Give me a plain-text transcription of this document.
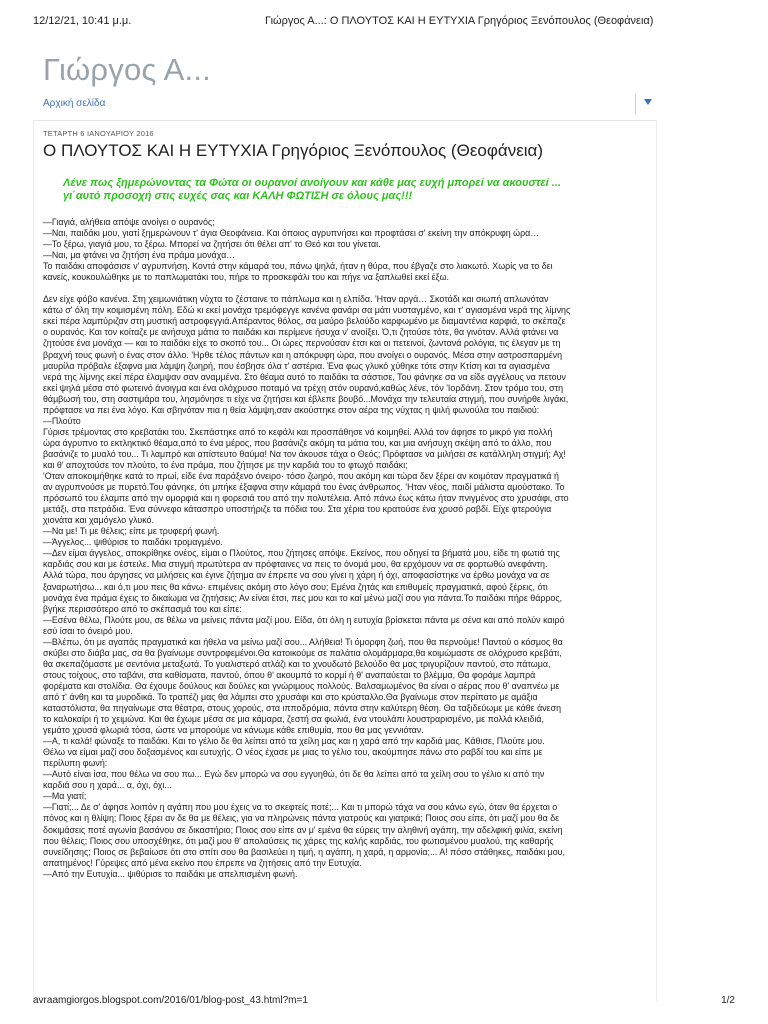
12/12/21, 10:41 μ.μ.	Γιώργος Α...: Ο ΠΛΟΥΤΟΣ ΚΑΙ Η ΕΥΤΥΧΙΑ Γρηγόριος Ξενόπουλος (Θεοφάνεια)
Γιώργος Α...
Αρχική σελίδα
ΤΕΤΑΡΤΗ 6 ΙΑΝΟΥΑΡΙΟΥ 2016
Ο ΠΛΟΥΤΟΣ ΚΑΙ Η ΕΥΤΥΧΙΑ Γρηγόριος Ξενόπουλος (Θεοφάνεια)
Λένε πως ξημερώνοντας τα Φώτα οι ουρανοί ανοίγουν και κάθε μας ευχή μπορεί να ακουστεί ...
γι΄αυτό προσοχή στις ευχές σας και ΚΑΛΗ ΦΩΤΙΣΗ σε όλους μας!!!

—Γιαγιά, αλήθεια απόψε ανοίγει ο ουρανός;

—Ναι, παιδάκι μου, γιατί ξημερώνουν τ' άγια Θεοφάνεια. Και όποιος αγρυπνήσει και προφτάσει σ' εκείνη την απόκρυφη ώρα…

—Το ξέρω, γιαγιά μου, το ξέρω. Μπορεί να ζητήσει ότι θέλει απ' το Θεό και του γίνεται.

—Ναι, μα φτάνει να ζητήση ένα πράμα μονάχα…

Το παιδάκι αποφάσισε ν' αγρυπνήση. Κοντά στην κάμαρά του, πάνω ψηλά, ήταν η θύρα, που έβγαζε στο λιακωτό. Χωρίς να το δει

κανείς, κουκουλώθηκε με το παπλωματάκι του, πήρε το προσκεφάλι του και πήγε να ξαπλωθεί εκεί έξω.

Δεν είχε φόβο κανένα. Στη χειμωνιάτικη νύχτα το ζέσταινε το πάπλωμα και η ελπίδα. 'Ηταν αργά… Σκοτάδι και σιωπή απλωνόταν

κάτω σ' όλη την κοιμισμένη πόλη. Εδώ κι εκεί μονάχα τρεμόφεγγε κανένα φανάρι σα μάτι νυσταγμένο, και τ' αγιασμένα νερά της λίμνης

εκεί πέρα λαμπύριζαν στη μυστική αστροφεγγιά.Απέραντος θόλος, σα μαύρο βελούδο καρφωμένο με διαμαντένια καρφιά, το σκέπαζε

ο ουρανός. Και τον κοίταζε με ανήσυχα μάτια το παιδάκι και περίμενε ήσυχα ν' ανοίξει. Ό,τι ζητούσε τότε, θα γινόταν. Αλλά φτάνει να

ζητούσε ένα μονάχα — και το παιδάκι είχε το σκοπό του... Οι ώρες περνούσαν έτσι και οι πετεινοί, ζωντανά ρολόγια, τις έλεγαν με τη

βραχνή τους φωνή ο ένας στον άλλο. 'Ηρθε τέλος πάντων και η απόκρυφη ώρα, που ανοίγει ο ουρανός. Μέσα στην αστροσπαρμένη

μαυρίλα πρόβαλε έξαφνα μια λάμψη ζωηρή, που έσβησε όλα τ' αστέρια. Ένα φως γλυκό χύθηκε τότε στην Κτίση και τα αγιασμένα

νερά της λίμνης εκεί πέρα έλαμψαν σαν αναμμένα. Στο θέαμα αυτό το παιδάκι τα σάστισε, Του φάνηκε σα να είδε αγγέλους να πετουν

εκεί ψηλά μέσα στό φωτεινό άνοιγμα και ένα ολόχρυσο ποταμό να τρέχη στόν ουρανό,καθώς λένε, τόν 'Ιορδάνη. Στον τρόμο του, στη

θάμβωσή του, στη σαστιμάρα του, λησμόνησε τι είχε να ζητήσει και έβλεπε βουβό...Μονάχα την τελευταία στιγμή, που συνήρθε λιγάκι,

πρόφτασε να πει ένα λόγο. Και σβηνόταν πια η θεία λάμψη,σαν ακούστηκε στον αέρα της νύχτας η ψιλή φωνούλα του παιδιού:

—Πλούτο

Γύρισε τρέμοντας στο κρεβατάκι του. Σκεπάστηκε από το κεφάλι και προσπάθησε νά κοιμηθεί. Αλλά τον άφησε το μικρό για πολλή

ώρα άγρυπνο το εκτληκτικό θέαμα,από το ένα μέρος, που βασάνιζε ακόμη τα μάτια του, και μια ανήσυχη σκέψη από το άλλο, που

βασάνιζε το μυαλό του... Τι λαμπρό και απίστευτο θαύμα! Να τον άκουσε τάχα ο Θεός; Πρόφτασε να μιλήσει σε κατάλληλη στιγμή; Αχ!

και θ' αποχτούσε τον πλούτο, το ένα πράμα, που ζήτησε με την καρδιά του το φτωχό παιδάκι;

'Οταν αποκοιμήθηκε κατά το πρωί, είδε ένα παράξενο όνειρο· τόσο ζωηρό, που ακόμη και τώρα δεν ξέρει αν κοιμόταν πραγματικά ή

αν αγρυπνούσε με πυρετό.Του φάνηκε, ότι μπήκε έξαφνα στην κάμαρά του ένας άνθρωπος. 'Ηταν νέος, παιδί μάλιστα αμούστακο. Το

πρόσωπό του έλαμπε από την ομορφιά και η φορεσιά του από την πολυτέλεια. Από πάνω έως κάτω ήταν πνιγμένος στο χρυσάφι, στο

μετάξι, στα πετράδια. Ένα σύννεφο κάτασπρο υποστήριζε τα πόδια του. Στα χέρια του κρατούσε ένα χρυσό ραβδί. Είχε φτερούγια

χιονάτα και χαμόγελο γλυκό.

—Να με! Τι με θέλεις; είπε με τρυφερή φωνή.

—Άγγελος... ψιθύρισε το παιδάκι τρομαγμένο.

—Δεν είμαι άγγελος, αποκρίθηκε ονέος, είμαι ο Πλούτος, που ζήτησες απόψε. Εκείνος, που οδηγεί τα βήματά μου, είδε τη φωτιά της

καρδιάς σου και με έστειλε. Μια στιγμή πρωτύτερα αν πρόφταινες να πεις το όνομά μου, θα ερχόμουν να σε φορτωθώ ανεφάντη.

Αλλά τώρα, που άργησες να μιλήσεις και έγινε ζήτημα αν έπρεπε να σου γίνει η χάρη ή όχι, αποφασίστηκε να έρθω μονάχα να σε

ξαναρωτήσω... και ό,τι μου πεις θα κάνω· επιμένεις ακόμη στο λόγο σου; Εμένα ζητάς και επιθυμείς πραγματικά, αφού ξέρεις, ότι

μονάχα ένα πράμα έχεις το δικαίωμα να ζητήσεις; Αν είναι έτσι, πες μου και το καί μένω μαζί σου για πάντα.Το παιδάκι πήρε θάρρος,

βγήκε περισσότερο από το σκέπασμά του και είπε:

—Εσένα θέλω, Πλούτε μου, σε θέλω να μείνεις πάντα μαζί μου. Είδα, ότι όλη η ευτυχία βρίσκεται πάντα με σένα και από πολύν καιρό

εσύ ίσαι το όνειρό μου.

—Βλέπω, ότι με αγαπάς πραγματικά και ήθελα να μείνω μαζί σου... Αλήθεια! Τι όμορφη ζωή, που θα περνούμε! Παντού ο κόσμος θα

σκύβει στο διάβα μας, σα θα βγαίνωμε συντροφεμένοι.Θα κατοικούμε σε παλάτια ολομάρμαρα,θα κοιμώμαστε σε ολόχρυσο κρεβάτι,

θα σκεπαζόμαστε με σεντόνια μεταξωτά. Το γυαλιστερό ατλάζι και το χνουδωτό βελούδο θα μας τριγυρίζουν παντού, στο πάτωμα,

στους τοίχους, στο ταβάνι, στα καθίσματα, παντού, όπου θ' ακουμπά το κορμί ή θ' αναπαύεται το βλέμμα, Θα φοράμε λαμπρά

φορέματα και στολίδια. Θα έχουμε δούλους και δούλες και γνώριμους πολλούς. Βαλσαμωμένος θα είναι ο αέρας που θ' αναπνέω με

από τ' άνθη και τα μυροδικά. Το τραπέζι μας θα λάμπει στο χρυσάφι και στο κρύσταλλο.Θα βγαίνωμε στον περίπατο με αμάξια

καταστόλιστα, θα πηγαίνωμε στα θέατρα, στους χορούς, στα ιπποδρόμια, πάντα στην καλύτερη θέση. Θα ταξιδεύωμε με κάθε άνεση

το καλοκαίρι ή το χειμώνα. Και θα έχωμε μέσα σε μια κάμαρα, ζεστή σα φωλιά, ένα ντουλάπι λουστραρισμένο, με πολλά κλειδιά,

γεμάτο χρυσά φλωριά τόσα, ώστε να μπορούμε να κάνωμε κάθε επιθυμία, που θα μας γεννιόταν.

—Α, τι καλά! φώναξε το παιδάκι. Και το γέλιο δε θα λείπει από τα χείλη μας και η χαρά από την καρδιά μας. Κάθισε, Πλούτε μου.

Θέλω να είμαι μαζί σου δοξασμένος και ευτυχής. Ο νέος έχασε με μιας το γέλιο του, ακούμπησε πάνω στο ραβδί του και είπε με

περίλυπη φωνή:

—Αυτό είναι ίσα, που θέλω να σου πω... Εγώ δεν μπορώ να σου εγγυηθώ, ότι δε θα λείπει από τα χείλη σου το γέλιο κι από την

καρδιά σου η χαρά... α, όχι, όχι...

—Μα γιατί;

—Γιατί;... Δε σ' άφησε λοιπόν η αγάπη που μου έχεις να το σκεφτείς ποτέ;... Και τι μπορώ τάχα να σου κάνω εγώ, όταν θα έρχεται ο

πόνος και η θλίψη; Ποιος ξέρει αν δε θα με θέλεις, για να πληρώνεις πάντα γιατρούς και γιατρικά; Ποιος σου είπε, ότι μαζί μου θα δε

δοκιμάσεις ποτέ αγωνία βασάνου σε δικαστήριο; Ποιος σου είπε αν μ' εμένα θα εύρεις την αληθινή αγάπη, την αδελφική φιλία, εκείνη

που θέλεις; Ποιος σου υποσχέθηκε, ότι μαζί μου θ' απολαύσεις τις χάρες της καλής καρδιάς, του φωτισμένου μυαλού, της καθαρής

συνείδησης; Ποιος σε βεβαίωσε ότι στο σπίτι σου θα βασιλεύει η τιμή, η αγάπη, η χαρά, η αρμονία;... Α! πόσο στάθηκες, παιδάκι μου,

απατημένος! Γύρεψες από μένα εκείνο που έπρεπε να ζητήσεις από την Ευτυχία.

—Από την Ευτυχία... ψιθύρισε το παιδάκι με απελπισμένη φωνή.

avraamgiorgos.blogspot.com/2016/01/blog-post_43.html?m=1	1/2
